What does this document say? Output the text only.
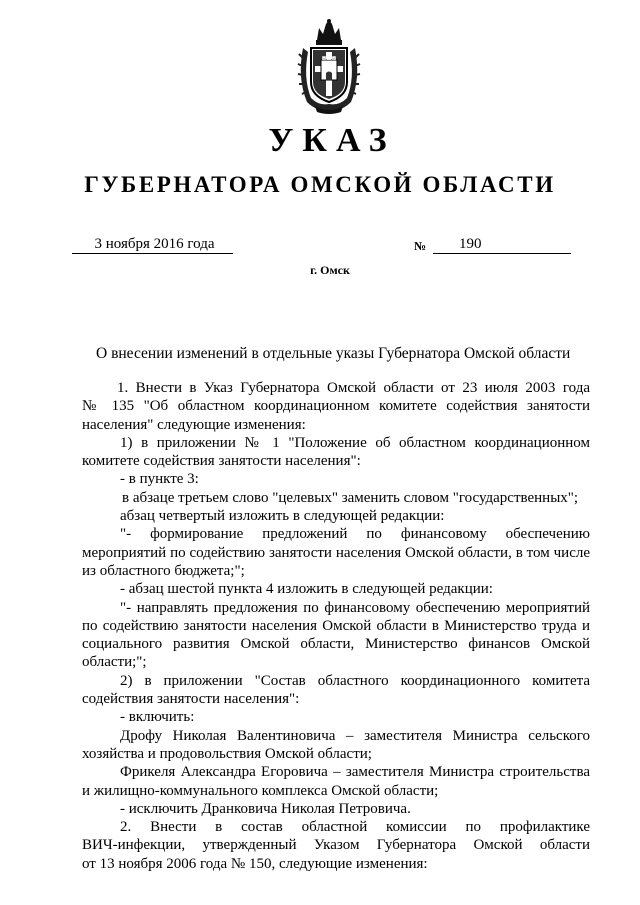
УКАЗ
ГУБЕРНАТОРА ОМСКОЙ ОБЛАСТИ
3 ноября 2016 года	№	190
г. Омск
О внесении изменений в отдельные указы Губернатора Омской области
1. Внести в Указ Губернатора Омской области от 23 июля 2003 года
№ 135 "Об областном координационном комитете содействия занятости
населения" следующие изменения:
1) в приложении № 1 "Положение об областном координационном
комитете содействия занятости населения":
- в пункте 3:
в абзаце третьем слово "целевых" заменить словом "государственных";
абзац четвертый изложить в следующей редакции:
"- формирование предложений по финансовому обеспечению
мероприятий по содействию занятости населения Омской области, в том числе
из областного бюджета;";
- абзац шестой пункта 4 изложить в следующей редакции:
"- направлять предложения по финансовому обеспечению мероприятий
по содействию занятости населения Омской области в Министерство труда и
социального развития Омской области, Министерство финансов Омской
области;";
2) в приложении "Состав областного координационного комитета
содействия занятости населения":
- включить:
Дрофу Николая Валентиновича – заместителя Министра сельского
хозяйства и продовольствия Омской области;
Фрикеля Александра Егоровича – заместителя Министра строительства
и жилищно-коммунального комплекса Омской области;
- исключить Дранковича Николая Петровича.
2. Внести в состав областной комиссии по профилактике
ВИЧ-инфекции, утвержденный Указом Губернатора Омской области
от 13 ноября 2006 года № 150, следующие изменения:
